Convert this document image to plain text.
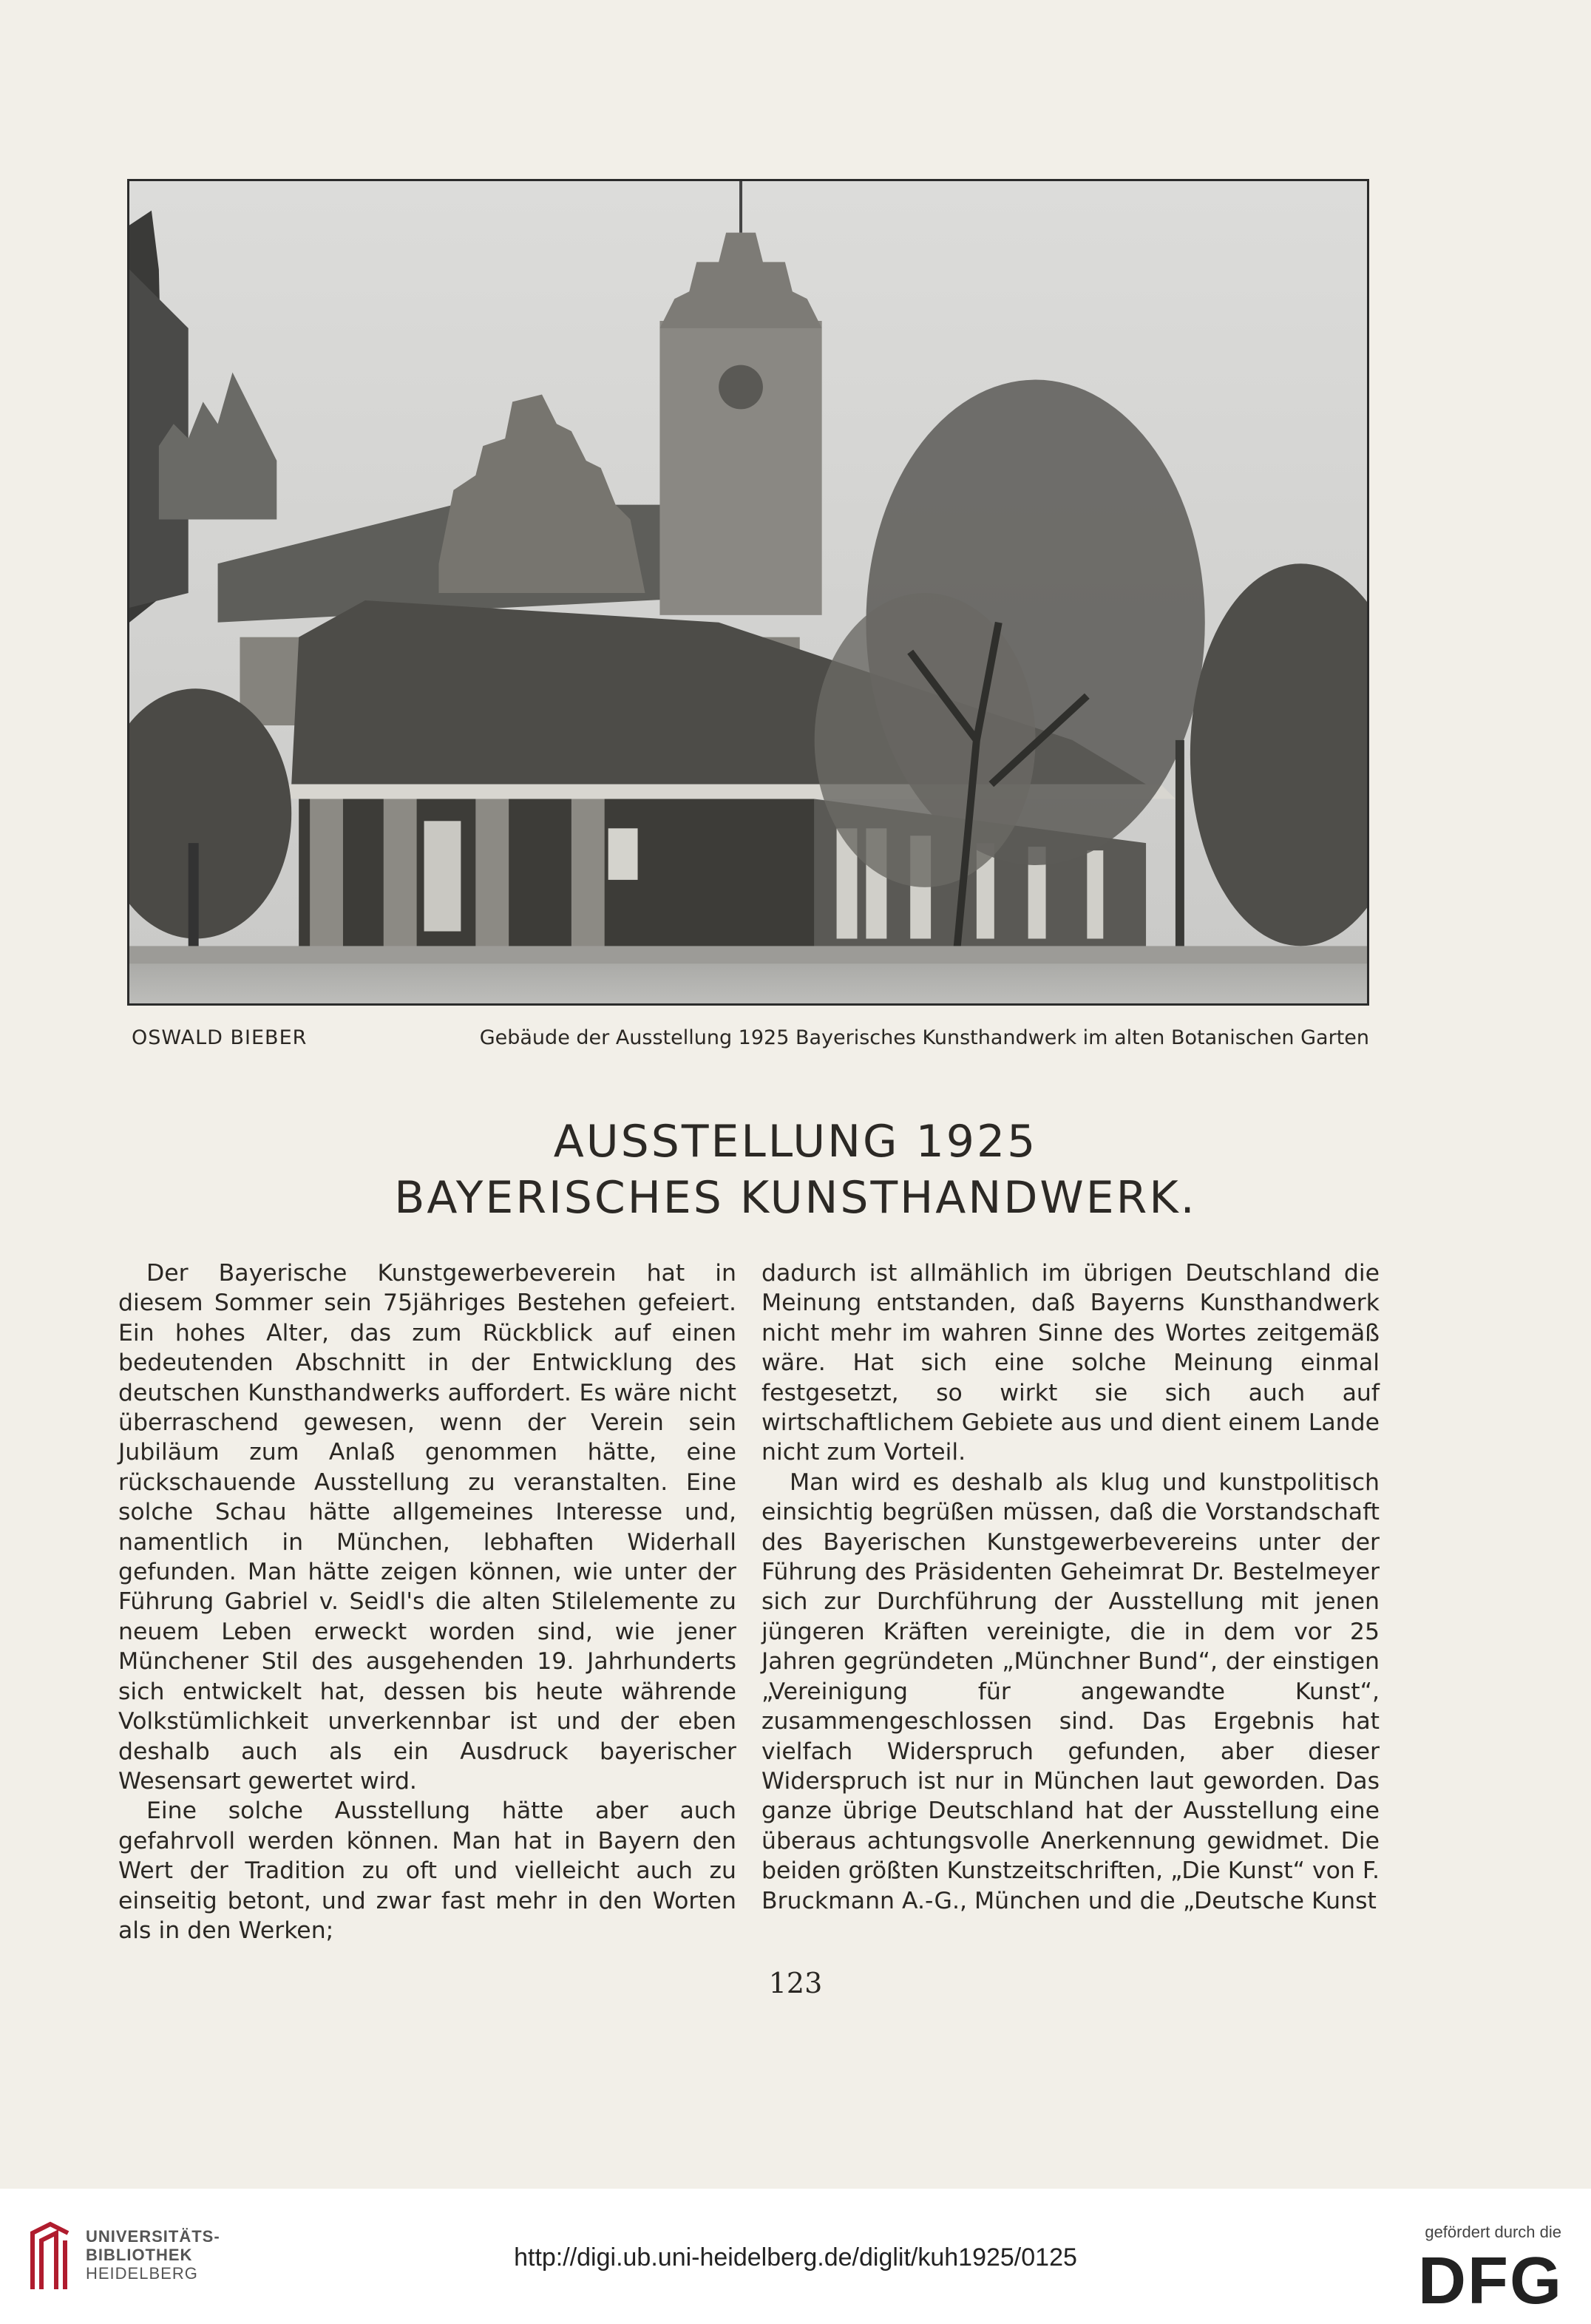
OSWALD BIEBER	Gebäude der Ausstellung 1925 Bayerisches Kunsthandwerk im alten Botanischen Garten
AUSSTELLUNG 1925
BAYERISCHES KUNSTHANDWERK.

Der Bayerische Kunstgewerbeverein hat in diesem Sommer sein 75jähriges Bestehen gefeiert. Ein hohes Alter, das zum Rückblick auf einen bedeutenden Abschnitt in der Entwicklung des deutschen Kunsthandwerks auffordert. Es wäre nicht überraschend gewesen, wenn der Verein sein Jubiläum zum Anlaß genommen hätte, eine rückschauende Ausstellung zu veranstalten. Eine solche Schau hätte allgemeines Interesse und, namentlich in München, lebhaften Widerhall gefunden. Man hätte zeigen können, wie unter der Führung Gabriel v. Seidl's die alten Stilelemente zu neuem Leben erweckt worden sind, wie jener Münchener Stil des ausgehenden 19. Jahrhunderts sich entwickelt hat, dessen bis heute währende Volkstümlichkeit unverkennbar ist und der eben deshalb auch als ein Ausdruck bayerischer Wesensart gewertet wird.

Eine solche Ausstellung hätte aber auch gefahrvoll werden können. Man hat in Bayern den Wert der Tradition zu oft und vielleicht auch zu einseitig betont, und zwar fast mehr in den Worten als in den Werken;

dadurch ist allmählich im übrigen Deutschland die Meinung entstanden, daß Bayerns Kunsthandwerk nicht mehr im wahren Sinne des Wortes zeitgemäß wäre. Hat sich eine solche Meinung einmal festgesetzt, so wirkt sie sich auch auf wirtschaftlichem Gebiete aus und dient einem Lande nicht zum Vorteil.

Man wird es deshalb als klug und kunstpolitisch einsichtig begrüßen müssen, daß die Vorstandschaft des Bayerischen Kunstgewerbevereins unter der Führung des Präsidenten Geheimrat Dr. Bestelmeyer sich zur Durchführung der Ausstellung mit jenen jüngeren Kräften vereinigte, die in dem vor 25 Jahren gegründeten „Münchner Bund“, der einstigen „Vereinigung für angewandte Kunst“, zusammengeschlossen sind. Das Ergebnis hat vielfach Widerspruch gefunden, aber dieser Widerspruch ist nur in München laut geworden. Das ganze übrige Deutschland hat der Ausstellung eine überaus achtungsvolle Anerkennung gewidmet. Die beiden größten Kunstzeitschriften, „Die Kunst“ von F. Bruckmann A.-G., München und die „Deutsche Kunst

123
UNIVERSITÄTS-
BIBLIOTHEK
HEIDELBERG
http://digi.ub.uni-heidelberg.de/diglit/kuh1925/0125
gefördert durch die
DFG
